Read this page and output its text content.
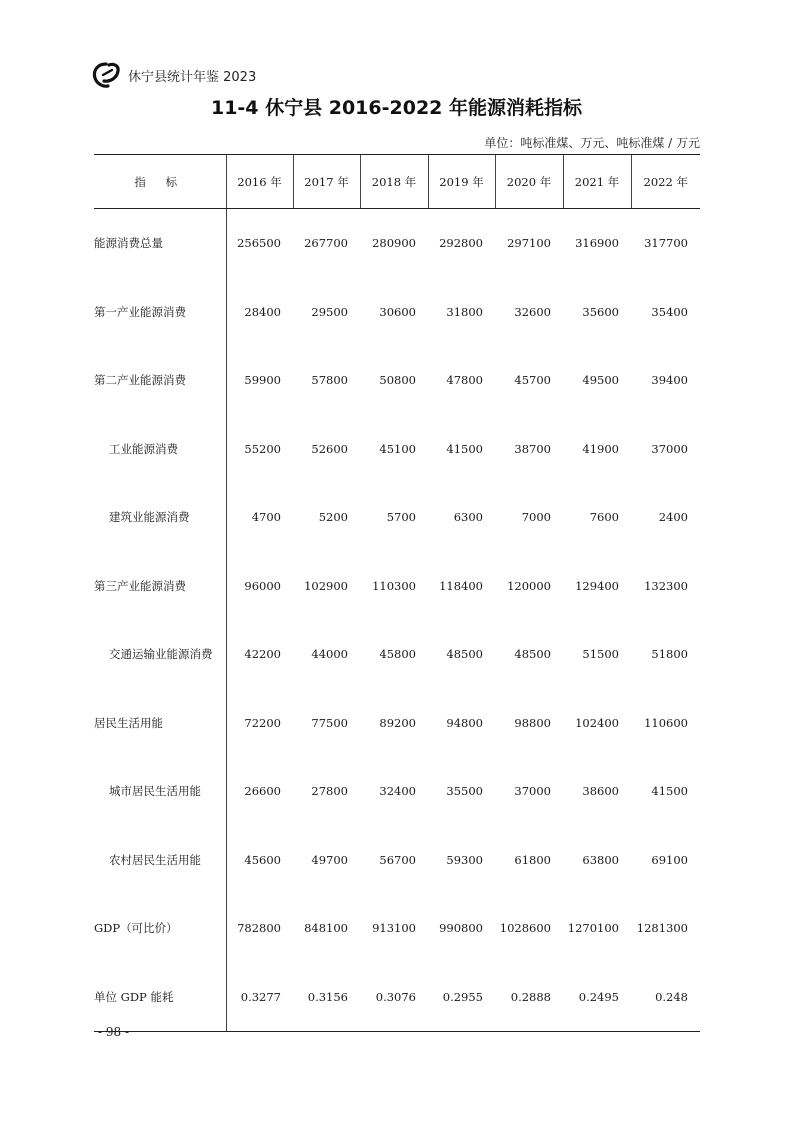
休宁县统计年鉴 2023
11-4 休宁县 2016-2022 年能源消耗指标
单位：吨标准煤、万元、吨标准煤 / 万元
指 标	2016 年	2017 年	2018 年	2019 年	2020 年	2021 年	2022 年
能源消费总量	256500	267700	280900	292800	297100	316900	317700
第一产业能源消费	28400	29500	30600	31800	32600	35600	35400
第二产业能源消费	59900	57800	50800	47800	45700	49500	39400
工业能源消费	55200	52600	45100	41500	38700	41900	37000
建筑业能源消费	4700	5200	5700	6300	7000	7600	2400
第三产业能源消费	96000	102900	110300	118400	120000	129400	132300
交通运输业能源消费	42200	44000	45800	48500	48500	51500	51800
居民生活用能	72200	77500	89200	94800	98800	102400	110600
城市居民生活用能	26600	27800	32400	35500	37000	38600	41500
农村居民生活用能	45600	49700	56700	59300	61800	63800	69100
GDP（可比价）	782800	848100	913100	990800	1028600	1270100	1281300
单位 GDP 能耗	0.3277	0.3156	0.3076	0.2955	0.2888	0.2495	0.248
- 98 -
